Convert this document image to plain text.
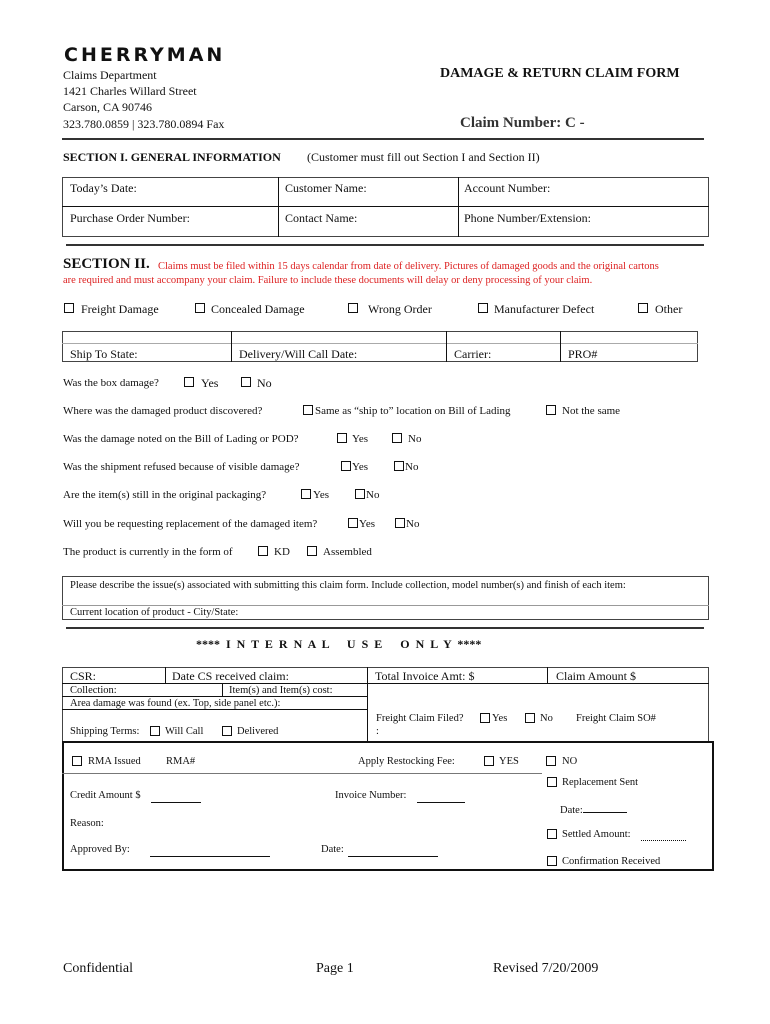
CHERRYMAN
Claims Department
1421 Charles Willard Street
Carson, CA 90746
323.780.0859 | 323.780.0894 Fax
DAMAGE & RETURN CLAIM FORM
Claim Number: C -
SECTION I. GENERAL INFORMATION (Customer must fill out Section I and Section II)
Today’s Date:	Customer Name:	Account Number:
Purchase Order Number:	Contact Name:	Phone Number/Extension:
SECTION II. Claims must be filed within 15 days calendar from date of delivery. Pictures of damaged goods and the original cartons
are required and must accompany your claim. Failure to include these documents will delay or deny processing of your claim.
Freight Damage	Concealed Damage	Wrong Order	Manufacturer Defect	Other
Ship To State:	Delivery/Will Call Date:	Carrier:	PRO#
Was the box damage?	Yes	No
Where was the damaged product discovered?	Same as “ship to” location on Bill of Lading	Not the same
Was the damage noted on the Bill of Lading or POD?	Yes	No
Was the shipment refused because of visible damage?	Yes	No
Are the item(s) still in the original packaging?	Yes	No
Will you be requesting replacement of the damaged item?	Yes	No
The product is currently in the form of	KD	Assembled
Please describe the issue(s) associated with submitting this claim form. Include collection, model number(s) and finish of each item:
Current location of product - City/State:
****  I  N  T  E  R  N  A  L      U  S  E      O  N  L  Y  ****
CSR:	Date CS received claim:	Total Invoice Amt: $	Claim Amount $
Collection:	Item(s) and Item(s) cost:
Area damage was found (ex. Top, side panel etc.):
Freight Claim Filed?	Yes	No Freight Claim SO#
:
Shipping Terms: Will Call	Delivered
RMA Issued RMA#	Apply Restocking Fee:	YES	NO
Replacement Sent
Date:
Credit Amount $	Invoice Number:
Reason:
Settled Amount:
Approved By:	Date:
Confirmation Received
Confidential	Page 1	Revised 7/20/2009
